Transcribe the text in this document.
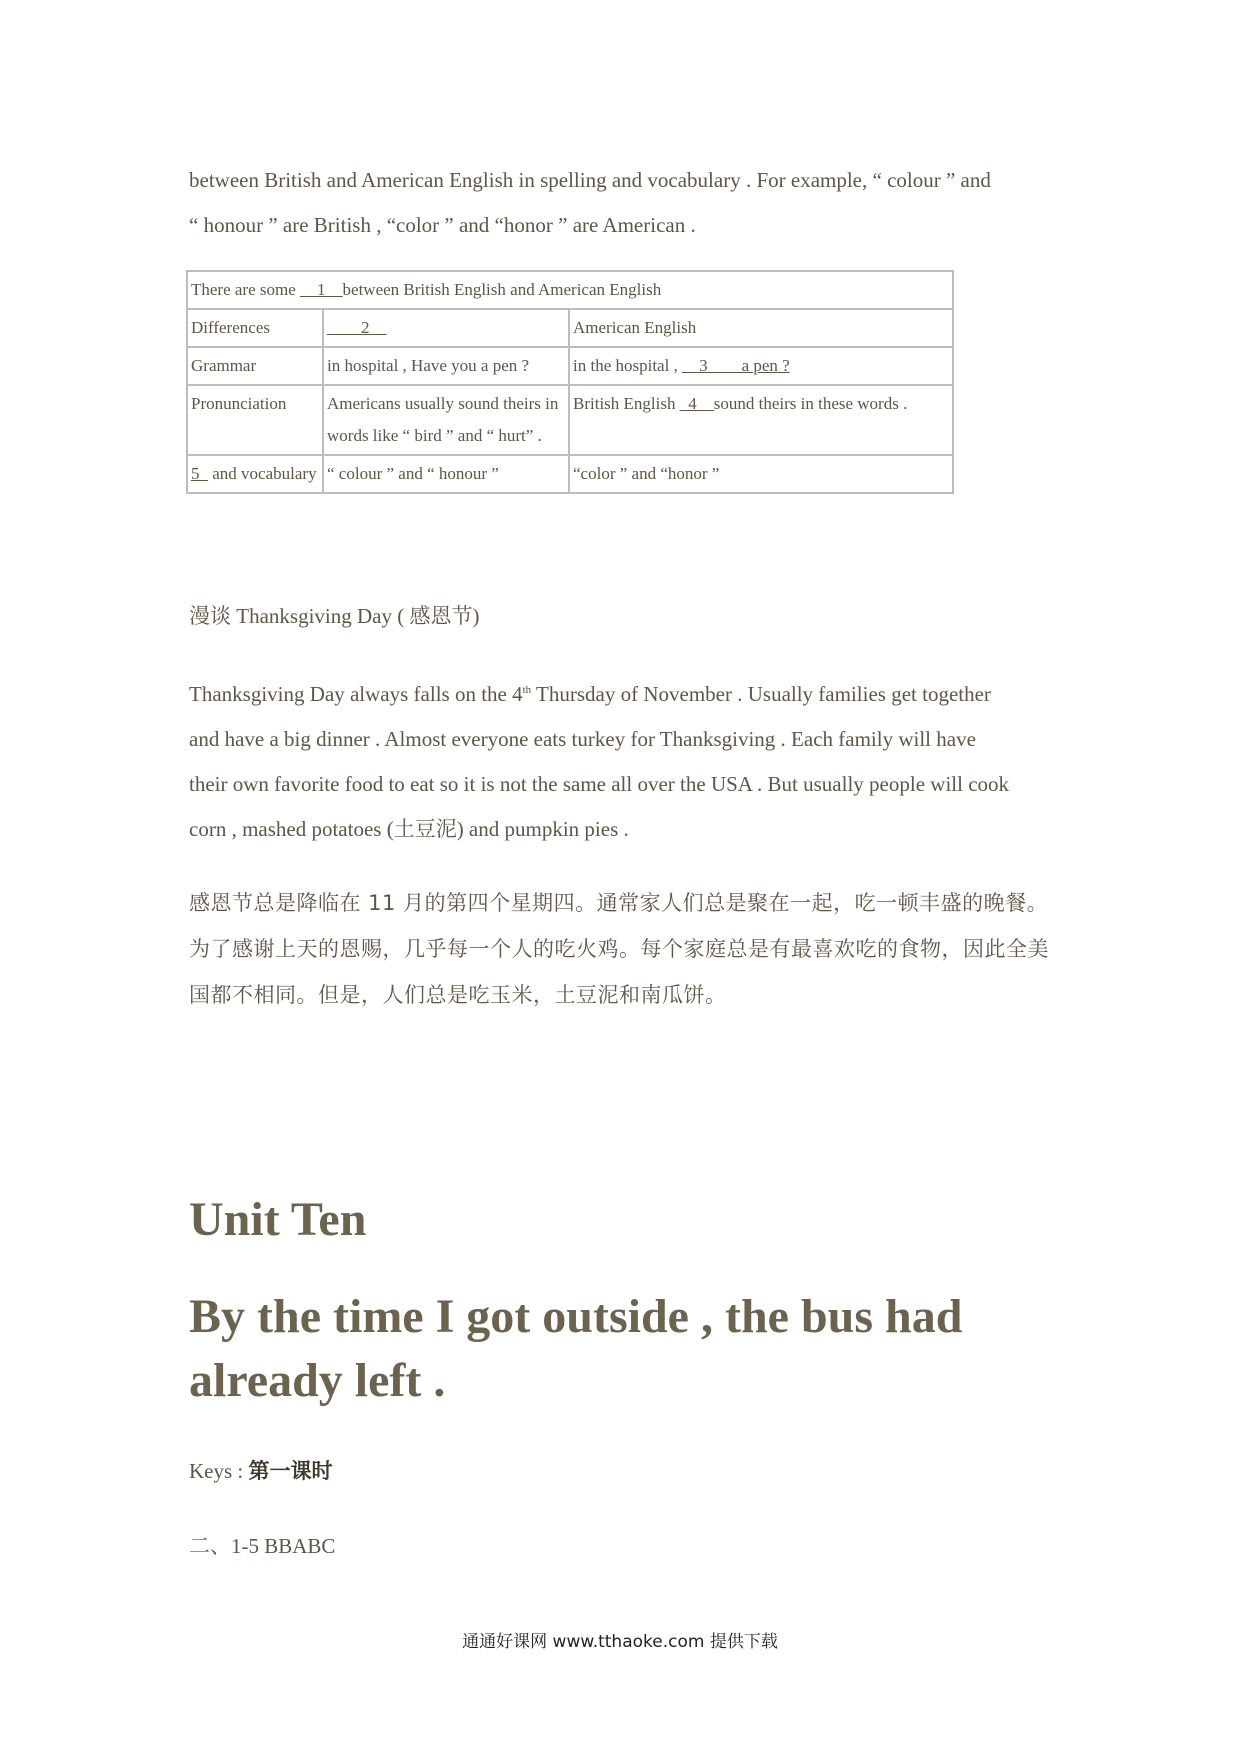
between British and American English in spelling and vocabulary . For example, “ colour ” and
“ honour ” are British , “color ” and “honor ” are American .
There are some __1__between British English and American English		
Differences	____2__	American English
Grammar	in hospital , Have you a pen ?	in the hospital , __3____a pen ?
Pronunciation	Americans usually sound theirs in words like “ bird ” and “ hurt” .	British English _4__sound theirs in these words .
5_ and vocabulary	“ colour ” and “ honour ”	“color ” and “honor ”
漫谈 Thanksgiving Day ( 感恩节)
Thanksgiving Day always falls on the 4th Thursday of November . Usually families get together
and have a big dinner . Almost everyone eats turkey for Thanksgiving . Each family will have
their own favorite food to eat so it is not the same all over the USA . But usually people will cook
corn , mashed potatoes (土豆泥) and pumpkin pies .
感恩节总是降临在 11 月的第四个星期四。通常家人们总是聚在一起，吃一顿丰盛的晚餐。
为了感谢上天的恩赐，几乎每一个人的吃火鸡。每个家庭总是有最喜欢吃的食物，因此全美
国都不相同。但是，人们总是吃玉米，土豆泥和南瓜饼。
Unit Ten
By the time I got outside , the bus had
already left .
Keys : 第一课时
二、1-5 BBABC
通通好课网 www.tthaoke.com 提供下载
